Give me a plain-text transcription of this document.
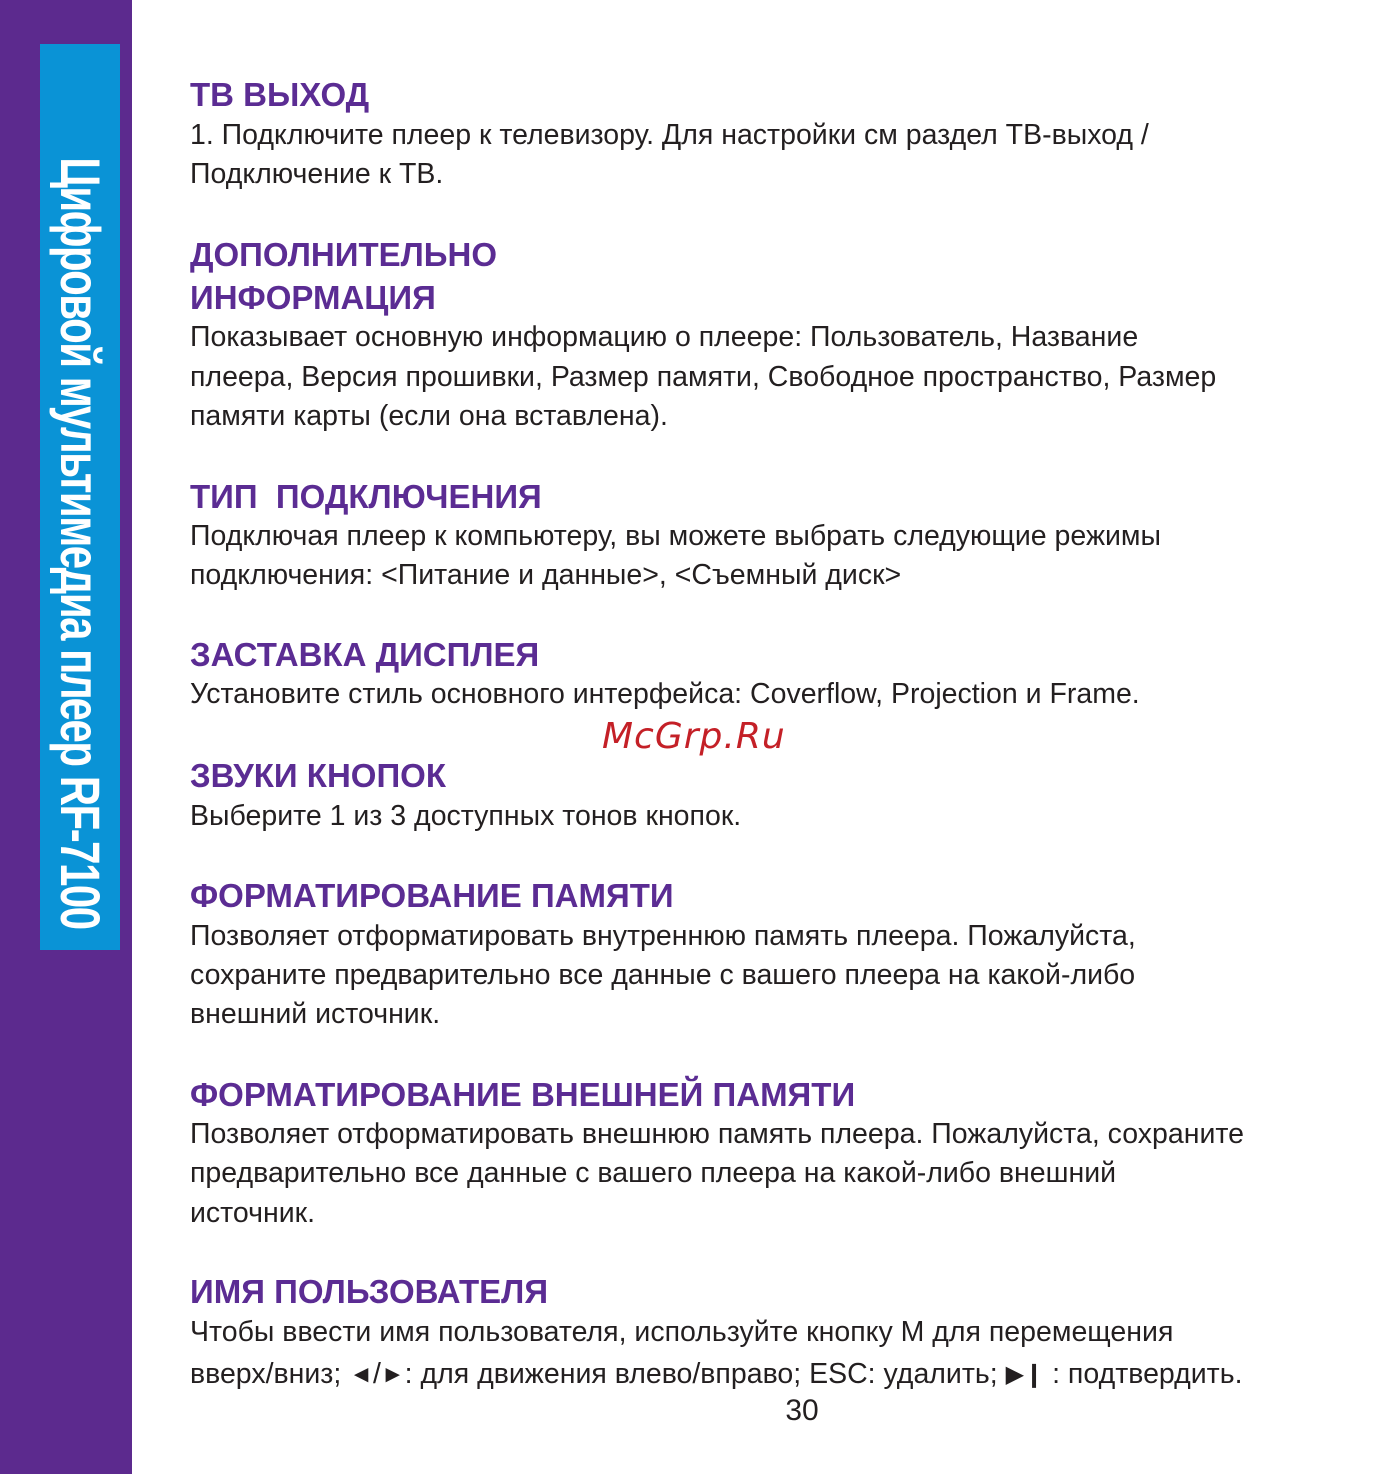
Цифровой мультимедиа плеер RF-7100
ТВ ВЫХОД

1. Подключите плеер к телевизору. Для настройки см раздел ТВ-выход /

Подключение к ТВ.

ДОПОЛНИТЕЛЬНО
ИНФОРМАЦИЯ

Показывает основную информацию о плеере: Пользователь, Название

плеера, Версия прошивки, Размер памяти, Свободное пространство, Размер

памяти карты (если она вставлена).

ТИП  ПОДКЛЮЧЕНИЯ

Подключая плеер к компьютеру, вы можете выбрать следующие режимы

подключения: <Питание и данные>, <Съемный диск>

ЗАСТАВКА ДИСПЛЕЯ

Установите стиль основного интерфейса: Coverflow, Projection и Frame.

McGrp.Ru
ЗВУКИ КНОПОК

Выберите 1 из 3 доступных тонов кнопок.

ФОРМАТИРОВАНИЕ ПАМЯТИ

Позволяет отформатировать внутреннюю память плеера. Пожалуйста,

сохраните предварительно все данные с вашего плеера на какой-либо

внешний источник.

ФОРМАТИРОВАНИЕ ВНЕШНЕЙ ПАМЯТИ

Позволяет отформатировать внешнюю память плеера. Пожалуйста, сохраните

предварительно все данные с вашего плеера на какой-либо внешний

источник.

ИМЯ ПОЛЬЗОВАТЕЛЯ

Чтобы ввести имя пользователя, используйте кнопку М для перемещения

вверх/вниз; ◄/►: для движения влево/вправо; ESC: удалить; ▶❙ : подтвердить.

30
